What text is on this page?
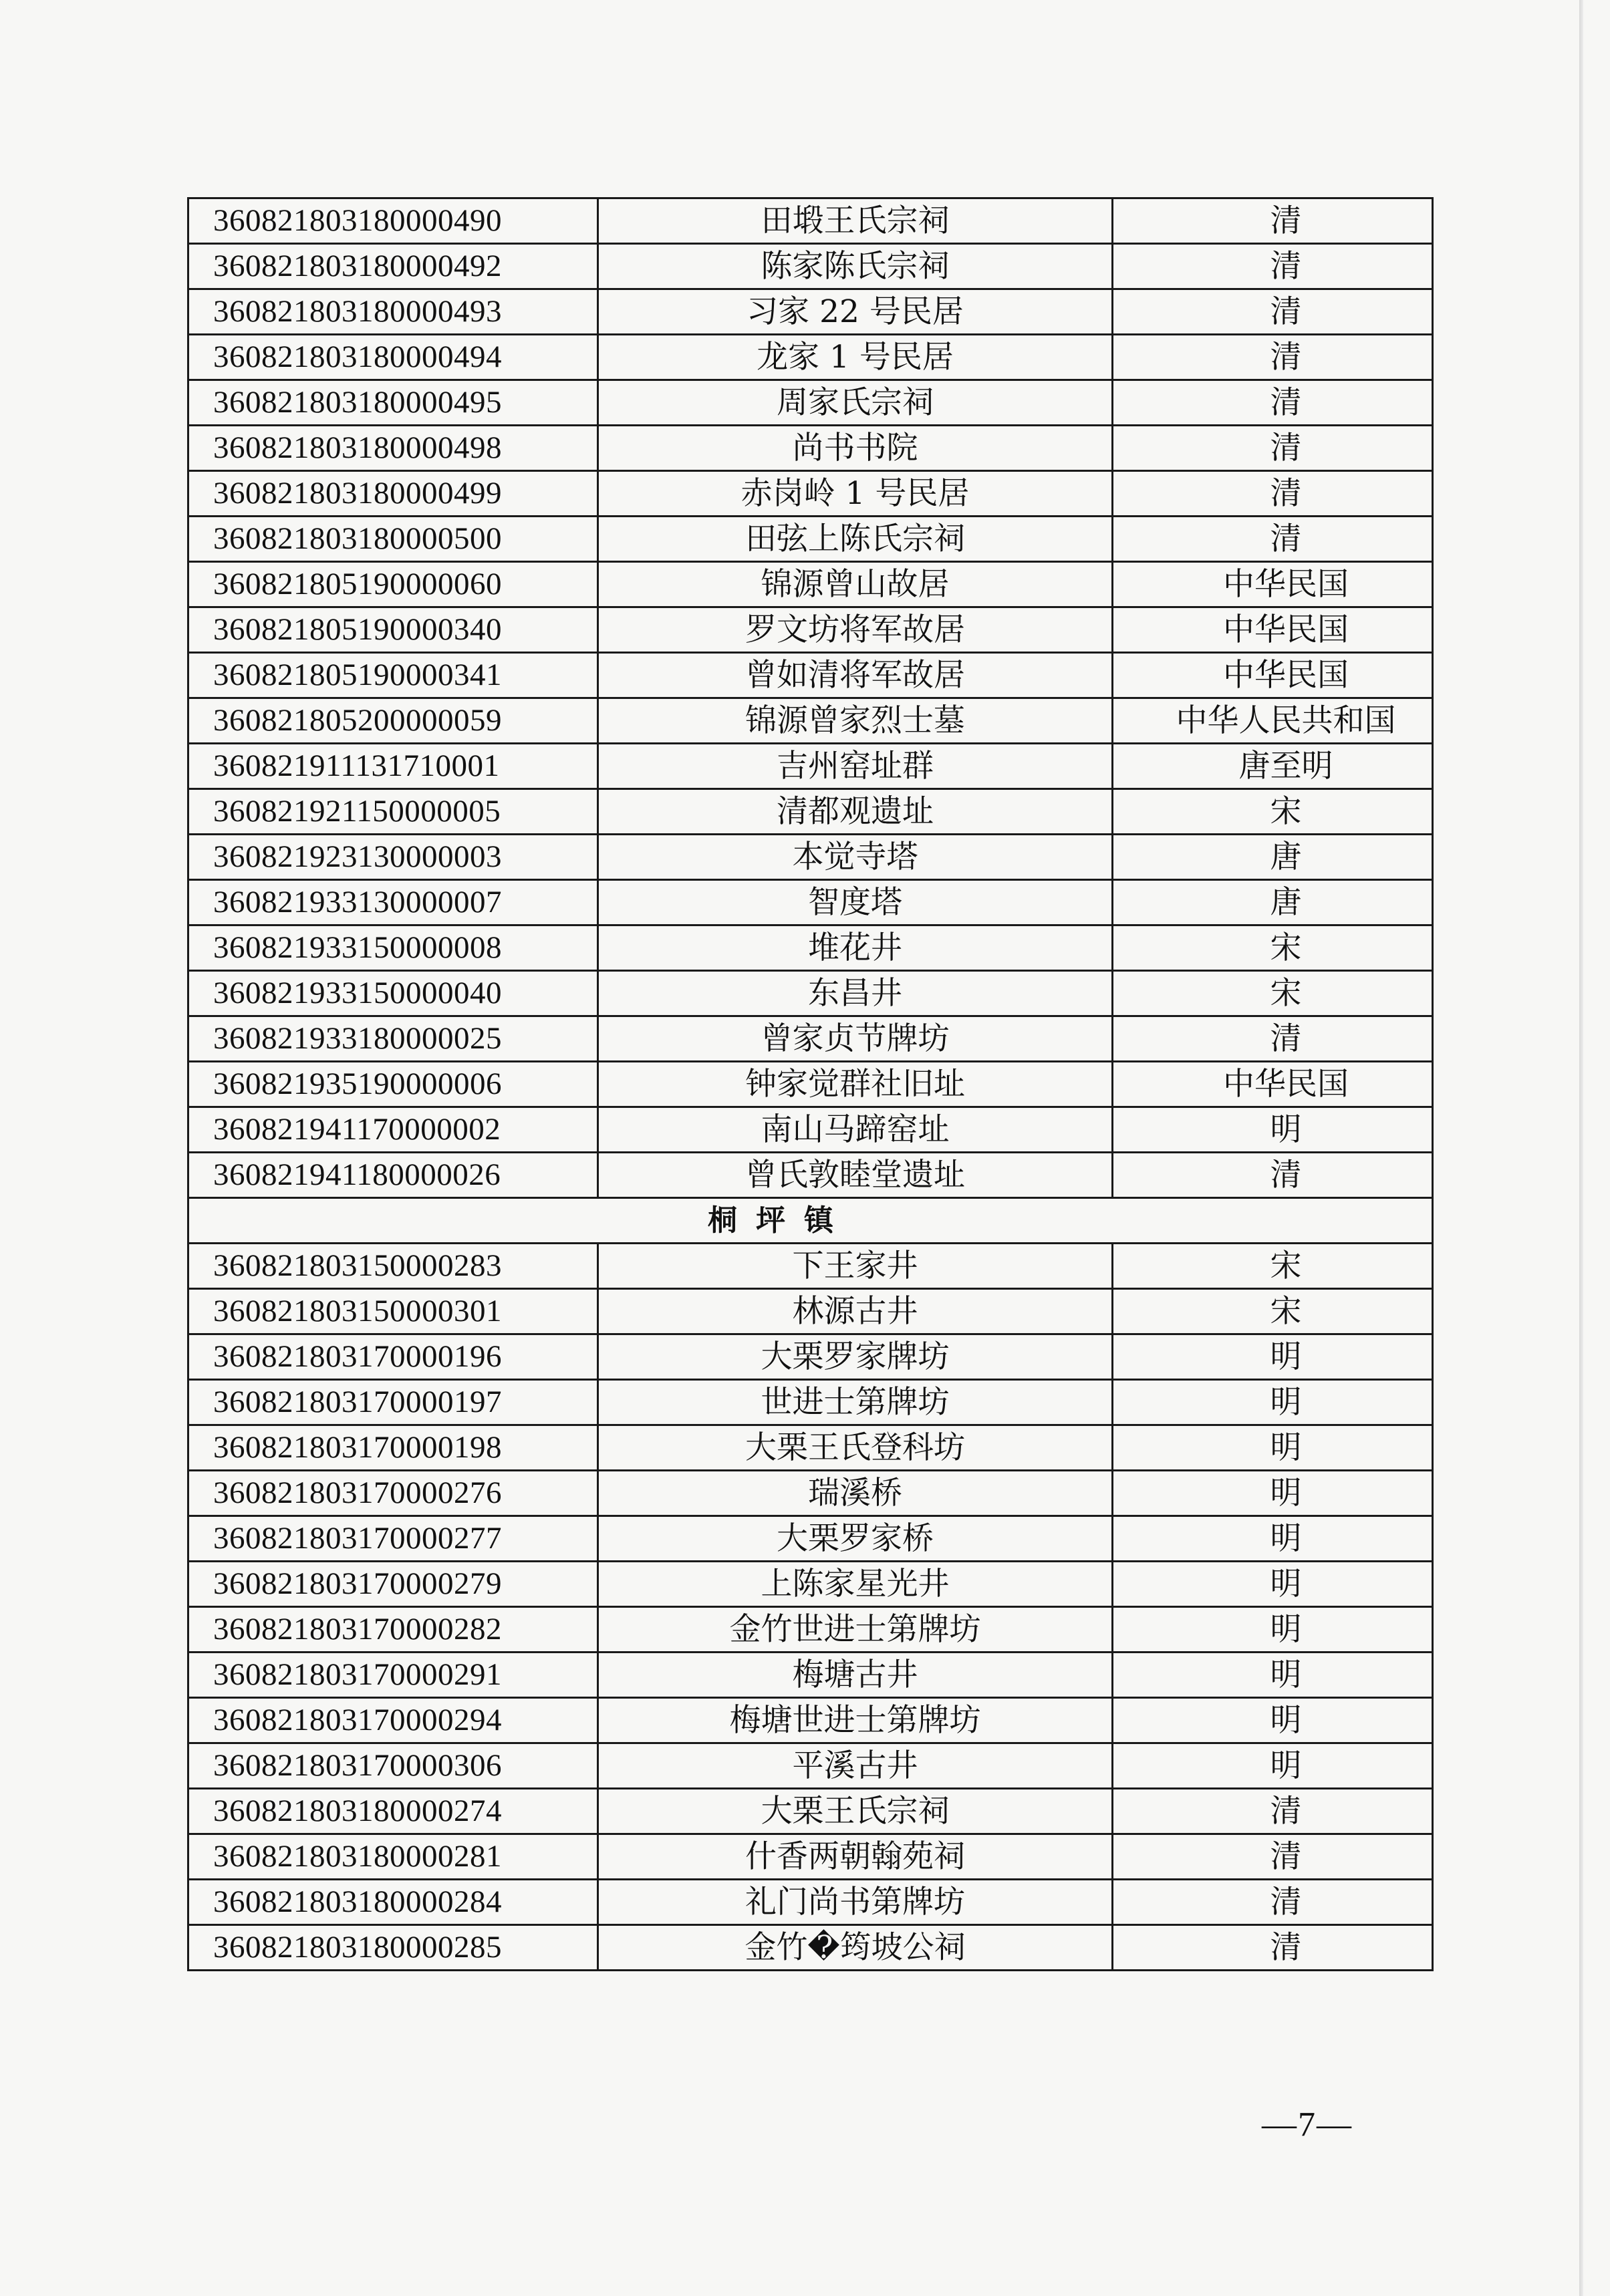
360821803180000490	田塅王氏宗祠	清
360821803180000492	陈家陈氏宗祠	清
360821803180000493	习家 22 号民居	清
360821803180000494	龙家 1 号民居	清
360821803180000495	周家氏宗祠	清
360821803180000498	尚书书院	清
360821803180000499	赤岗岭 1 号民居	清
360821803180000500	田弦上陈氏宗祠	清
360821805190000060	锦源曾山故居	中华民国
360821805190000340	罗文坊将军故居	中华民国
360821805190000341	曾如清将军故居	中华民国
360821805200000059	锦源曾家烈士墓	中华人民共和国
360821911131710001	吉州窑址群	唐至明
360821921150000005	清都观遗址	宋
360821923130000003	本觉寺塔	唐
360821933130000007	智度塔	唐
360821933150000008	堆花井	宋
360821933150000040	东昌井	宋
360821933180000025	曾家贞节牌坊	清
360821935190000006	钟家觉群社旧址	中华民国
360821941170000002	南山马蹄窑址	明
360821941180000026	曾氏敦睦堂遗址	清
桐坪镇		
360821803150000283	下王家井	宋
360821803150000301	林源古井	宋
360821803170000196	大栗罗家牌坊	明
360821803170000197	世进士第牌坊	明
360821803170000198	大栗王氏登科坊	明
360821803170000276	瑞溪桥	明
360821803170000277	大栗罗家桥	明
360821803170000279	上陈家星光井	明
360821803170000282	金竹世进士第牌坊	明
360821803170000291	梅塘古井	明
360821803170000294	梅塘世进士第牌坊	明
360821803170000306	平溪古井	明
360821803180000274	大栗王氏宗祠	清
360821803180000281	什香两朝翰苑祠	清
360821803180000284	礼门尚书第牌坊	清
360821803180000285	金竹�筠坡公祠	清
—7—
